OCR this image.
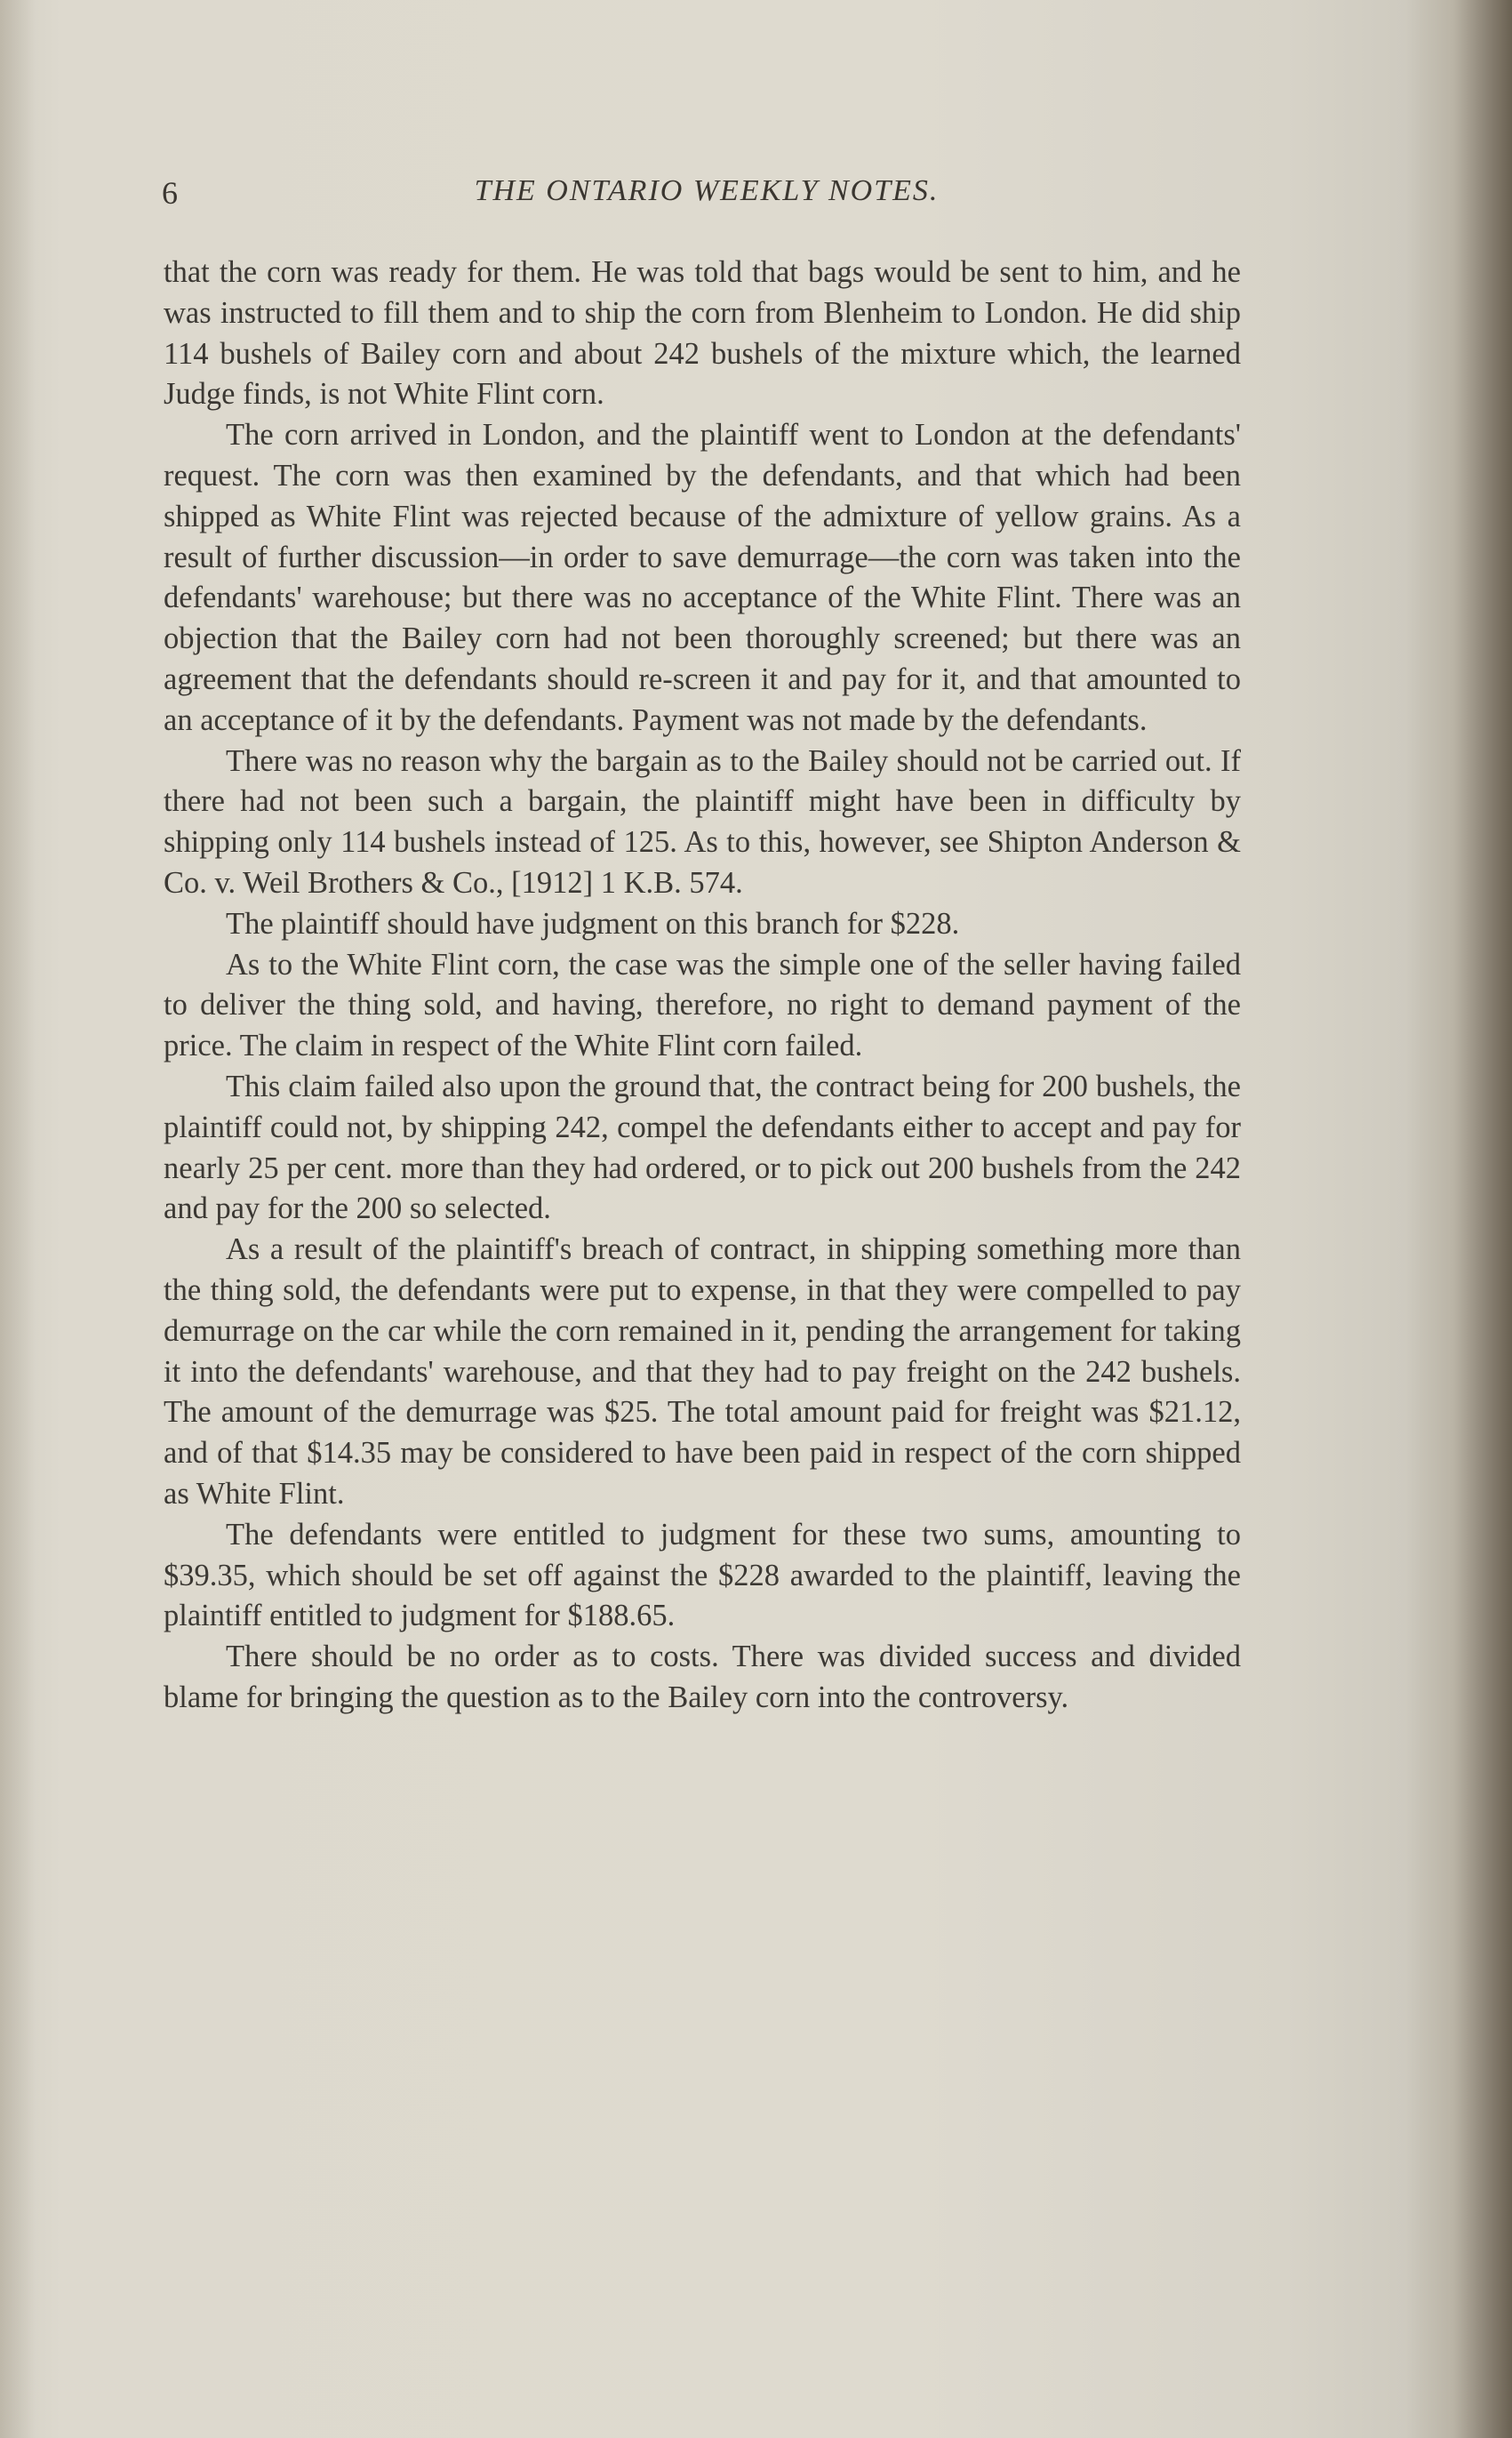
6	THE ONTARIO WEEKLY NOTES.

that the corn was ready for them. He was told that bags would be sent to him, and he was instructed to fill them and to ship the corn from Blenheim to London. He did ship 114 bushels of Bailey corn and about 242 bushels of the mixture which, the learned Judge finds, is not White Flint corn.

The corn arrived in London, and the plaintiff went to London at the defendants' request. The corn was then examined by the defendants, and that which had been shipped as White Flint was rejected because of the admixture of yellow grains. As a result of further discussion—in order to save demurrage—the corn was taken into the defendants' warehouse; but there was no acceptance of the White Flint. There was an objection that the Bailey corn had not been thoroughly screened; but there was an agreement that the defendants should re-screen it and pay for it, and that amounted to an acceptance of it by the defendants. Payment was not made by the defendants.

There was no reason why the bargain as to the Bailey should not be carried out. If there had not been such a bargain, the plaintiff might have been in difficulty by shipping only 114 bushels instead of 125. As to this, however, see Shipton Anderson & Co. v. Weil Brothers & Co., [1912] 1 K.B. 574.

The plaintiff should have judgment on this branch for $228.

As to the White Flint corn, the case was the simple one of the seller having failed to deliver the thing sold, and having, therefore, no right to demand payment of the price. The claim in respect of the White Flint corn failed.

This claim failed also upon the ground that, the contract being for 200 bushels, the plaintiff could not, by shipping 242, compel the defendants either to accept and pay for nearly 25 per cent. more than they had ordered, or to pick out 200 bushels from the 242 and pay for the 200 so selected.

As a result of the plaintiff's breach of contract, in shipping something more than the thing sold, the defendants were put to expense, in that they were compelled to pay demurrage on the car while the corn remained in it, pending the arrangement for taking it into the defendants' warehouse, and that they had to pay freight on the 242 bushels. The amount of the demurrage was $25. The total amount paid for freight was $21.12, and of that $14.35 may be considered to have been paid in respect of the corn shipped as White Flint.

The defendants were entitled to judgment for these two sums, amounting to $39.35, which should be set off against the $228 awarded to the plaintiff, leaving the plaintiff entitled to judgment for $188.65.

There should be no order as to costs. There was divided success and divided blame for bringing the question as to the Bailey corn into the controversy.
